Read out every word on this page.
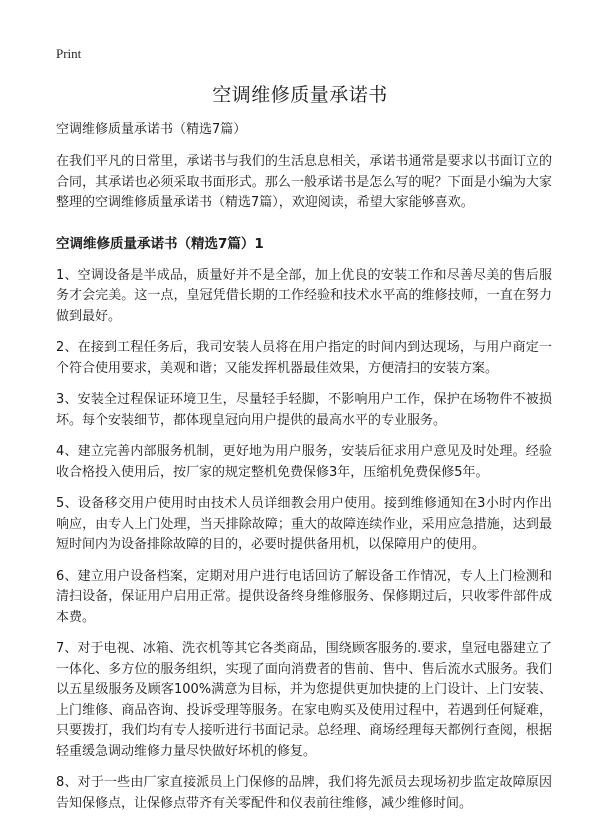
Print
空调维修质量承诺书

空调维修质量承诺书（精选7篇）

在我们平凡的日常里，承诺书与我们的生活息息相关，承诺书通常是要求以书面订立的合同，其承诺也必须采取书面形式。那么一般承诺书是怎么写的呢？下面是小编为大家整理的空调维修质量承诺书（精选7篇），欢迎阅读，希望大家能够喜欢。

空调维修质量承诺书（精选7篇）1

1、空调设备是半成品，质量好并不是全部，加上优良的安装工作和尽善尽美的售后服务才会完美。这一点，皇冠凭借长期的工作经验和技术水平高的维修技师，一直在努力做到最好。

2、在接到工程任务后，我司安装人员将在用户指定的时间内到达现场，与用户商定一个符合使用要求，美观和谐；又能发挥机器最佳效果，方便清扫的安装方案。

3、安装全过程保证环境卫生，尽量轻手轻脚，不影响用户工作，保护在场物件不被损坏。每个安装细节，都体现皇冠向用户提供的最高水平的专业服务。

4、建立完善内部服务机制，更好地为用户服务，安装后征求用户意见及时处理。经验收合格投入使用后，按厂家的规定整机免费保修3年，压缩机免费保修5年。

5、设备移交用户使用时由技术人员详细教会用户使用。接到维修通知在3小时内作出响应，由专人上门处理，当天排除故障；重大的故障连续作业，采用应急措施，达到最短时间内为设备排除故障的目的，必要时提供备用机，以保障用户的使用。

6、建立用户设备档案，定期对用户进行电话回访了解设备工作情况，专人上门检测和清扫设备，保证用户启用正常。提供设备终身维修服务、保修期过后，只收零件部件成本费。

7、对于电视、冰箱、洗衣机等其它各类商品，围绕顾客服务的.要求，皇冠电器建立了一体化、多方位的服务组织，实现了面向消费者的售前、售中、售后流水式服务。我们以五星级服务及顾客100%满意为目标，并为您提供更加快捷的上门设计、上门安装、上门维修、商品咨询、投诉受理等服务。在家电购买及使用过程中，若遇到任何疑难，只要拨打，我们均有专人接听进行书面记录。总经理、商场经理每天都例行查阅，根据轻重缓急调动维修力量尽快做好坏机的修复。

8、对于一些由厂家直接派员上门保修的品牌，我们将先派员去现场初步监定故障原因告知保修点，让保修点带齐有关零配件和仪表前往维修，减少维修时间。
